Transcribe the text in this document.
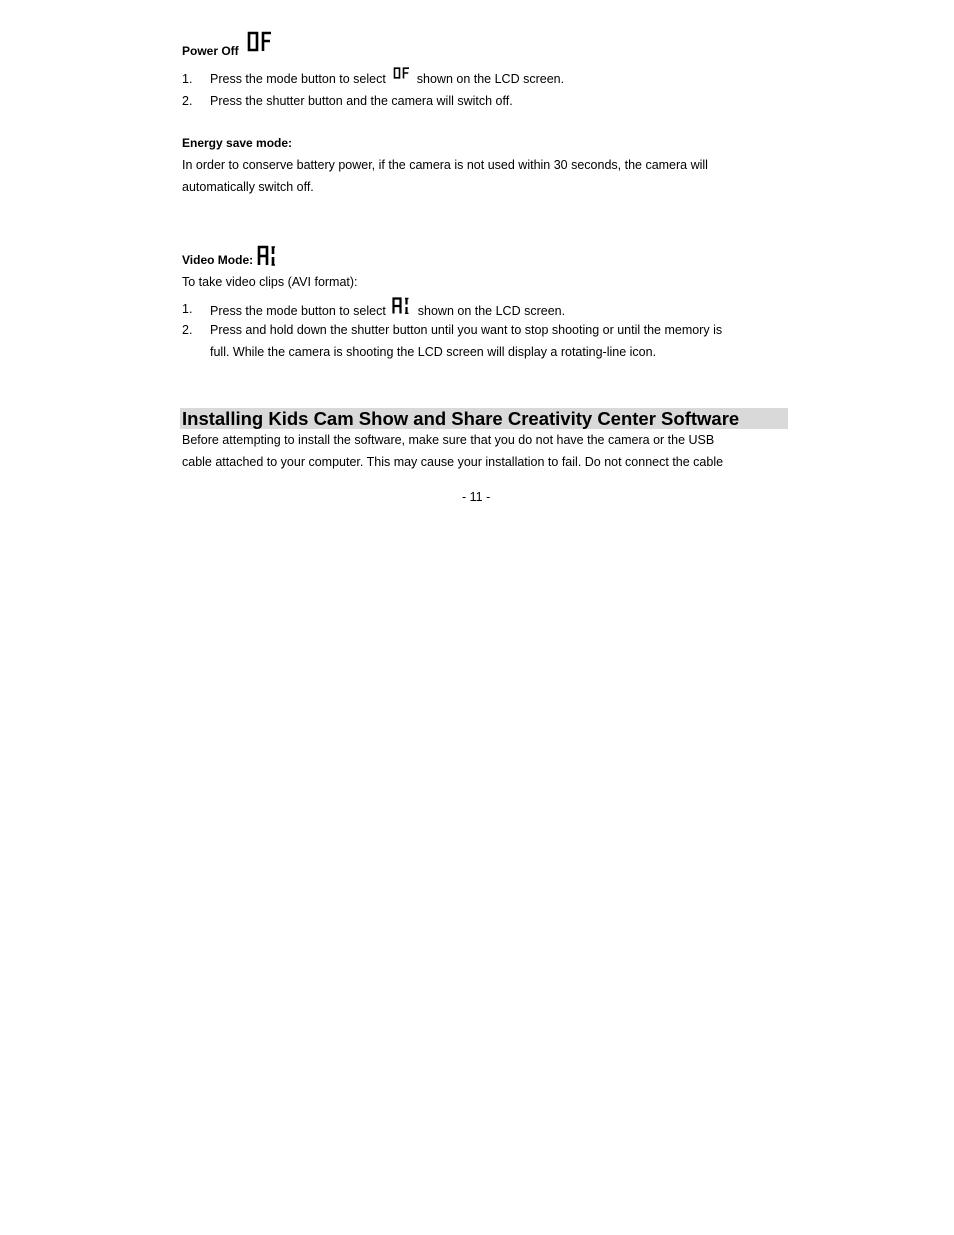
Power Off
1. Press the mode button to select shown on the LCD screen.
2. Press the shutter button and the camera will switch off.
Energy save mode:
In order to conserve battery power, if the camera is not used within 30 seconds, the camera will
automatically switch off.
Video Mode:
To take video clips (AVI format):
1. Press the mode button to select	shown on the LCD screen.
2. Press and hold down the shutter button until you want to stop shooting or until the memory is
full. While the camera is shooting the LCD screen will display a rotating-line icon.
Installing Kids Cam Show and Share Creativity Center Software
Before attempting to install the software, make sure that you do not have the camera or the USB
cable attached to your computer. This may cause your installation to fail. Do not connect the cable
- 11 -
